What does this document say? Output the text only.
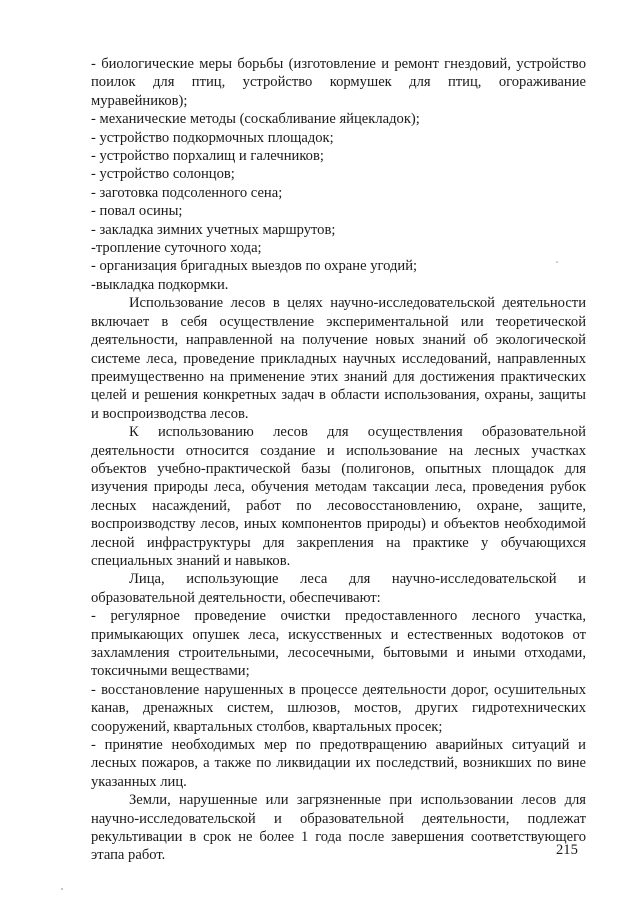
- биологические меры борьбы (изготовление и ремонт гнездовий, устройство поилок для птиц, устройство кормушек для птиц, огораживание муравейников);

- механические методы (соскабливание яйцекладок);

- устройство подкормочных площадок;

- устройство порхалищ и галечников;

- устройство солонцов;

- заготовка подсоленного сена;

- повал осины;

- закладка зимних учетных маршрутов;

-тропление суточного хода;

- организация бригадных выездов по охране угодий;

-выкладка подкормки.

Использование лесов в целях научно-исследовательской деятельности включает в себя осуществление экспериментальной или теоретической деятельности, направленной на получение новых знаний об экологической системе леса, проведение прикладных научных исследований, направленных преимущественно на применение этих знаний для достижения практических целей и решения конкретных задач в области использования, охраны, защиты и воспроизводства лесов.

К использованию лесов для осуществления образовательной деятельности относится создание и использование на лесных участках объектов учебно-практической базы (полигонов, опытных площадок для изучения природы леса, обучения методам таксации леса, проведения рубок лесных насаждений, работ по лесовосстановлению, охране, защите, воспроизводству лесов, иных компонентов природы) и объектов необходимой лесной инфраструктуры для закрепления на практике у обучающихся специальных знаний и навыков.

Лица, использующие леса для научно-исследовательской и образовательной деятельности, обеспечивают:

- регулярное проведение очистки предоставленного лесного участка, примыкающих опушек леса, искусственных и естественных водотоков от захламления строительными, лесосечными, бытовыми и иными отходами, токсичными веществами;

- восстановление нарушенных в процессе деятельности дорог, осушительных канав, дренажных систем, шлюзов, мостов, других гидротехнических сооружений, квартальных столбов, квартальных просек;

- принятие необходимых мер по предотвращению аварийных ситуаций и лесных пожаров, а также по ликвидации их последствий, возникших по вине указанных лиц.

Земли, нарушенные или загрязненные при использовании лесов для научно-исследовательской и образовательной деятельности, подлежат рекультивации в срок не более 1 года после завершения соответствующего этапа работ.	215
